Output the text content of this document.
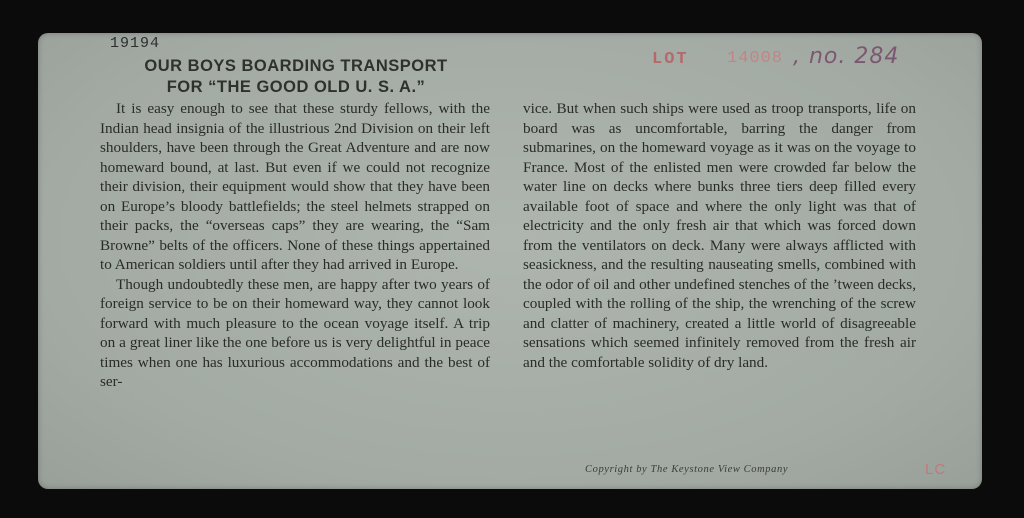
19194
OUR BOYS BOARDING TRANSPORT
FOR “THE GOOD OLD U. S. A.”

It is easy enough to see that these sturdy fellows, with the Indian head insignia of the illustrious 2nd Division on their left shoulders, have been through the Great Adventure and are now homeward bound, at last. But even if we could not recognize their division, their equipment would show that they have been on Europe’s bloody battlefields; the steel helmets strapped on their packs, the “overseas caps” they are wearing, the “Sam Browne” belts of the officers. None of these things appertained to American soldiers until after they had arrived in Europe.

Though undoubtedly these men, are happy after two years of foreign service to be on their homeward way, they cannot look forward with much pleasure to the ocean voyage itself. A trip on a great liner like the one before us is very delightful in peace times when one has luxurious accommodations and the best of ser-

vice. But when such ships were used as troop transports, life on board was as uncomfortable, barring the danger from submarines, on the homeward voyage as it was on the voyage to France. Most of the enlisted men were crowded far below the water line on decks where bunks three tiers deep filled every available foot of space and where the only light was that of electricity and the only fresh air that which was forced down from the ventilators on deck. Many were always afflicted with seasickness, and the resulting nauseating smells, combined with the odor of oil and other undefined stenches of the ’tween decks, coupled with the rolling of the ship, the wrenching of the screw and clatter of machinery, created a little world of disagreeable sensations which seemed infinitely removed from the fresh air and the comfortable solidity of dry land.

LOT 14008 , no. 284
Copyright by The Keystone View Company	LC
